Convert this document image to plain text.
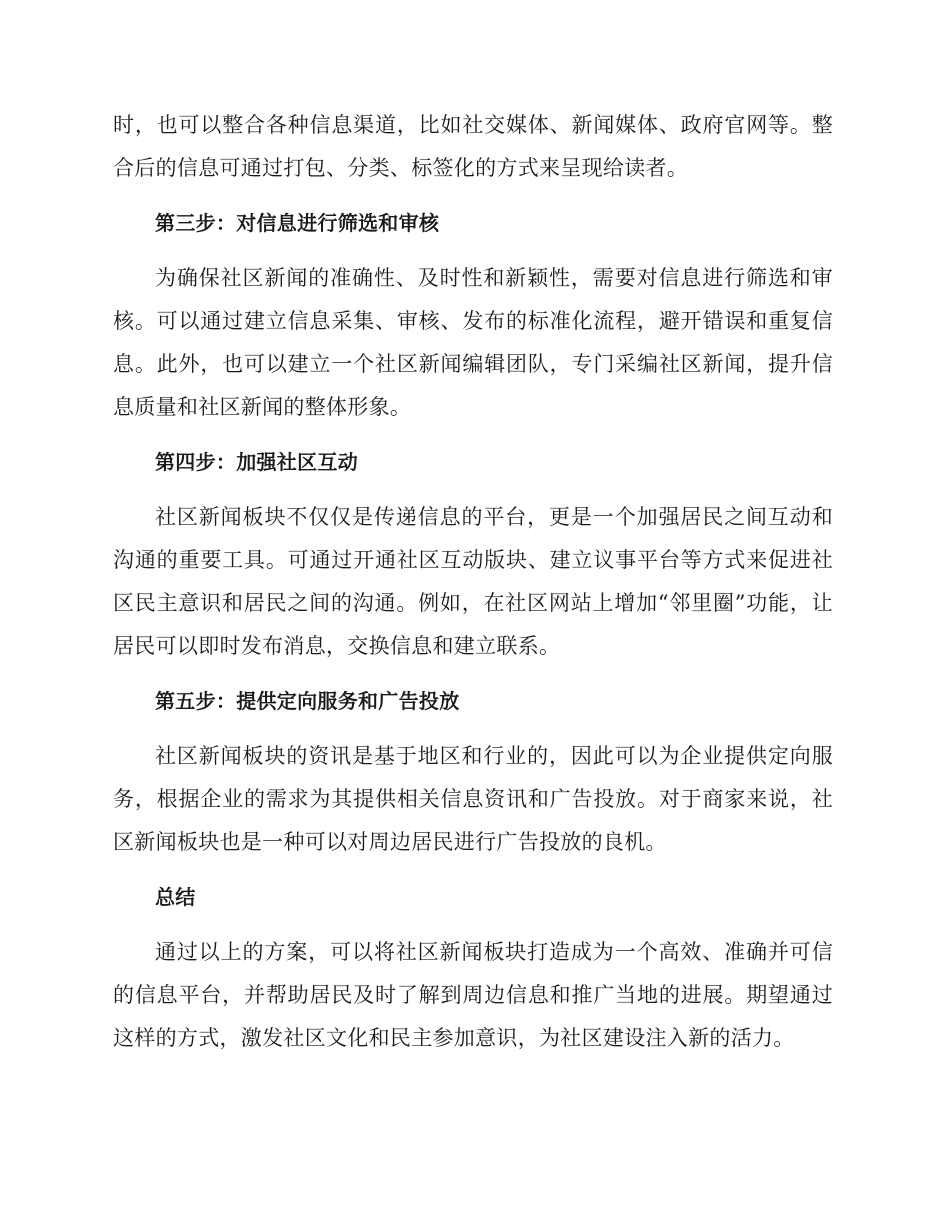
时，也可以整合各种信息渠道，比如社交媒体、新闻媒体、政府官网等。整合后的信息可通过打包、分类、标签化的方式来呈现给读者。

第三步：对信息进行筛选和审核

为确保社区新闻的准确性、及时性和新颖性，需要对信息进行筛选和审核。可以通过建立信息采集、审核、发布的标准化流程，避开错误和重复信息。此外，也可以建立一个社区新闻编辑团队，专门采编社区新闻，提升信息质量和社区新闻的整体形象。

第四步：加强社区互动

社区新闻板块不仅仅是传递信息的平台，更是一个加强居民之间互动和沟通的重要工具。可通过开通社区互动版块、建立议事平台等方式来促进社区民主意识和居民之间的沟通。例如，在社区网站上增加“邻里圈”功能，让居民可以即时发布消息，交换信息和建立联系。

第五步：提供定向服务和广告投放

社区新闻板块的资讯是基于地区和行业的，因此可以为企业提供定向服务，根据企业的需求为其提供相关信息资讯和广告投放。对于商家来说，社区新闻板块也是一种可以对周边居民进行广告投放的良机。

总结

通过以上的方案，可以将社区新闻板块打造成为一个高效、准确并可信的信息平台，并帮助居民及时了解到周边信息和推广当地的进展。期望通过这样的方式，激发社区文化和民主参加意识，为社区建设注入新的活力。
